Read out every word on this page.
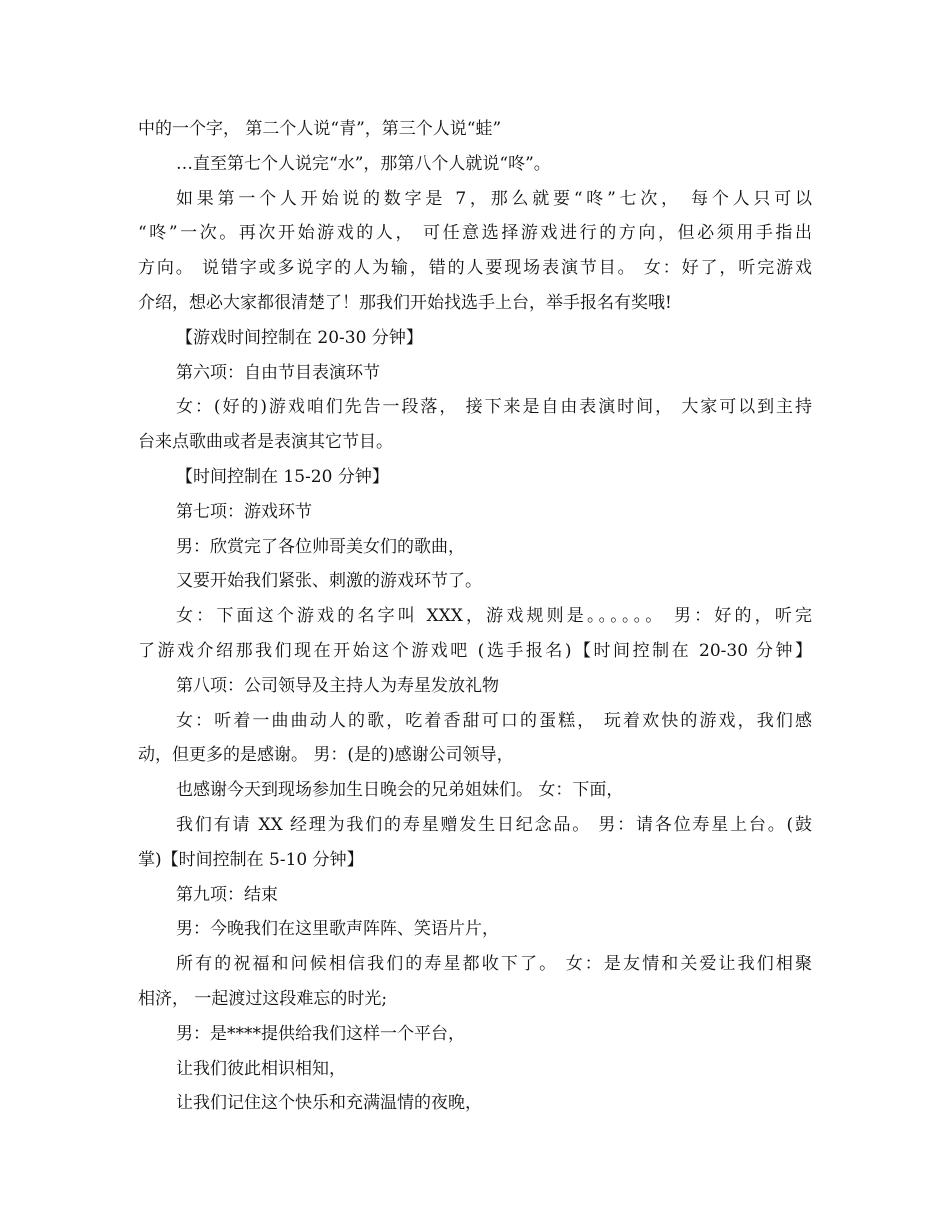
中的一个字， 第二个人说“青”，第三个人说“蛙”
…直至第七个人说完“水”，那第八个人就说“咚”。
如果第一个人开始说的数字是 7，那么就要“咚”七次， 每个人只可以
“咚”一次。再次开始游戏的人， 可任意选择游戏进行的方向，但必须用手指出
方向。 说错字或多说字的人为输，错的人要现场表演节目。 女：好了，听完游戏
介绍，想必大家都很清楚了！那我们开始找选手上台，举手报名有奖哦!
【游戏时间控制在 20-30 分钟】
第六项：自由节目表演环节
女：(好的)游戏咱们先告一段落， 接下来是自由表演时间， 大家可以到主持
台来点歌曲或者是表演其它节目。
【时间控制在 15-20 分钟】
第七项：游戏环节
男：欣赏完了各位帅哥美女们的歌曲，
又要开始我们紧张、刺激的游戏环节了。
女：下面这个游戏的名字叫 XXX，游戏规则是。。。。。。 男：好的，听完
了游戏介绍那我们现在开始这个游戏吧 (选手报名)【时间控制在 20-30 分钟】
第八项：公司领导及主持人为寿星发放礼物
女：听着一曲曲动人的歌，吃着香甜可口的蛋糕， 玩着欢快的游戏，我们感
动，但更多的是感谢。 男：(是的)感谢公司领导，
也感谢今天到现场参加生日晚会的兄弟姐妹们。 女：下面，
我们有请 XX 经理为我们的寿星赠发生日纪念品。 男：请各位寿星上台。(鼓
掌)【时间控制在 5-10 分钟】
第九项：结束
男：今晚我们在这里歌声阵阵、笑语片片，
所有的祝福和问候相信我们的寿星都收下了。 女：是友情和关爱让我们相聚
相济， 一起渡过这段难忘的时光;
男：是****提供给我们这样一个平台，
让我们彼此相识相知，
让我们记住这个快乐和充满温情的夜晚，
